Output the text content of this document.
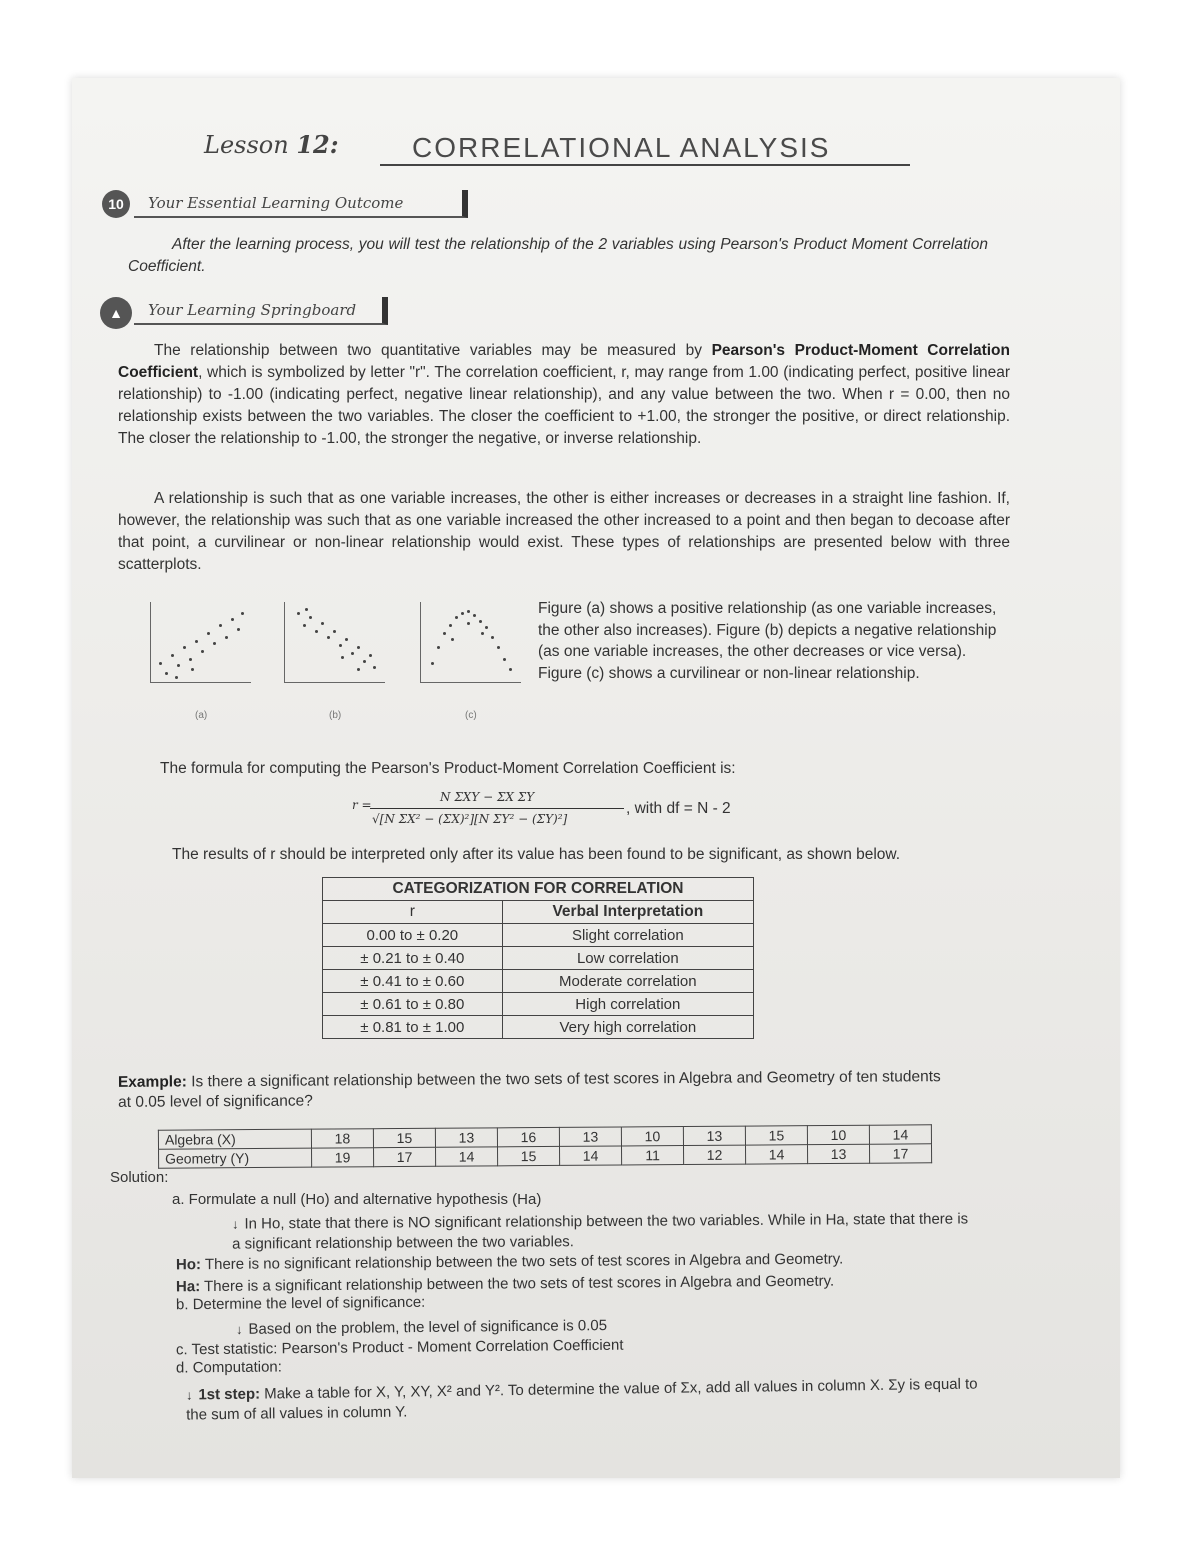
Lesson 12:	CORRELATIONAL ANALYSIS
10	Your Essential Learning Outcome
After the learning process, you will test the relationship of the 2 variables using Pearson's Product Moment Correlation Coefficient.
▲	Your Learning Springboard
The relationship between two quantitative variables may be measured by Pearson's Product-Moment Correlation Coefficient, which is symbolized by letter "r". The correlation coefficient, r, may range from 1.00 (indicating perfect, positive linear relationship) to -1.00 (indicating perfect, negative linear relationship), and any value between the two. When r = 0.00, then no relationship exists between the two variables. The closer the coefficient to +1.00, the stronger the positive, or direct relationship. The closer the relationship to -1.00, the stronger the negative, or inverse relationship.
A relationship is such that as one variable increases, the other is either increases or decreases in a straight line fashion. If, however, the relationship was such that as one variable increased the other increased to a point and then began to decoase after that point, a curvilinear or non-linear relationship would exist. These types of relationships are presented below with three scatterplots.
(a)	(b)	(c)
Figure (a) shows a positive relationship (as one variable increases, the other also increases). Figure (b) depicts a negative relationship (as one variable increases, the other decreases or vice versa). Figure (c) shows a curvilinear or non-linear relationship.
The formula for computing the Pearson's Product-Moment Correlation Coefficient is:
r =
N ΣXY − ΣX ΣY
√[N ΣX² − (ΣX)²][N ΣY² − (ΣY)²]
, with df = N - 2
The results of r should be interpreted only after its value has been found to be significant, as shown below.
CATEGORIZATION FOR CORRELATION	
r	Verbal Interpretation
0.00 to ± 0.20	Slight correlation
± 0.21 to ± 0.40	Low correlation
± 0.41 to ± 0.60	Moderate correlation
± 0.61 to ± 0.80	High correlation
± 0.81 to ± 1.00	Very high correlation
Example: Is there a significant relationship between the two sets of test scores in Algebra and Geometry of ten students at 0.05 level of significance?
Algebra (X)	18	15	13	16	13	10	13	15	10	14
Geometry (Y)	19	17	14	15	14	11	12	14	13	17
Solution:
a. Formulate a null (Ho) and alternative hypothesis (Ha)
↓ In Ho, state that there is NO significant relationship between the two variables. While in Ha, state that there is a significant relationship between the two variables.
Ho: There is no significant relationship between the two sets of test scores in Algebra and Geometry.
Ha: There is a significant relationship between the two sets of test scores in Algebra and Geometry.
b. Determine the level of significance:
↓ Based on the problem, the level of significance is 0.05
c. Test statistic: Pearson's Product - Moment Correlation Coefficient
d. Computation:
↓ 1st step: Make a table for X, Y, XY, X² and Y². To determine the value of Σx, add all values in column X. Σy is equal to the sum of all values in column Y.
